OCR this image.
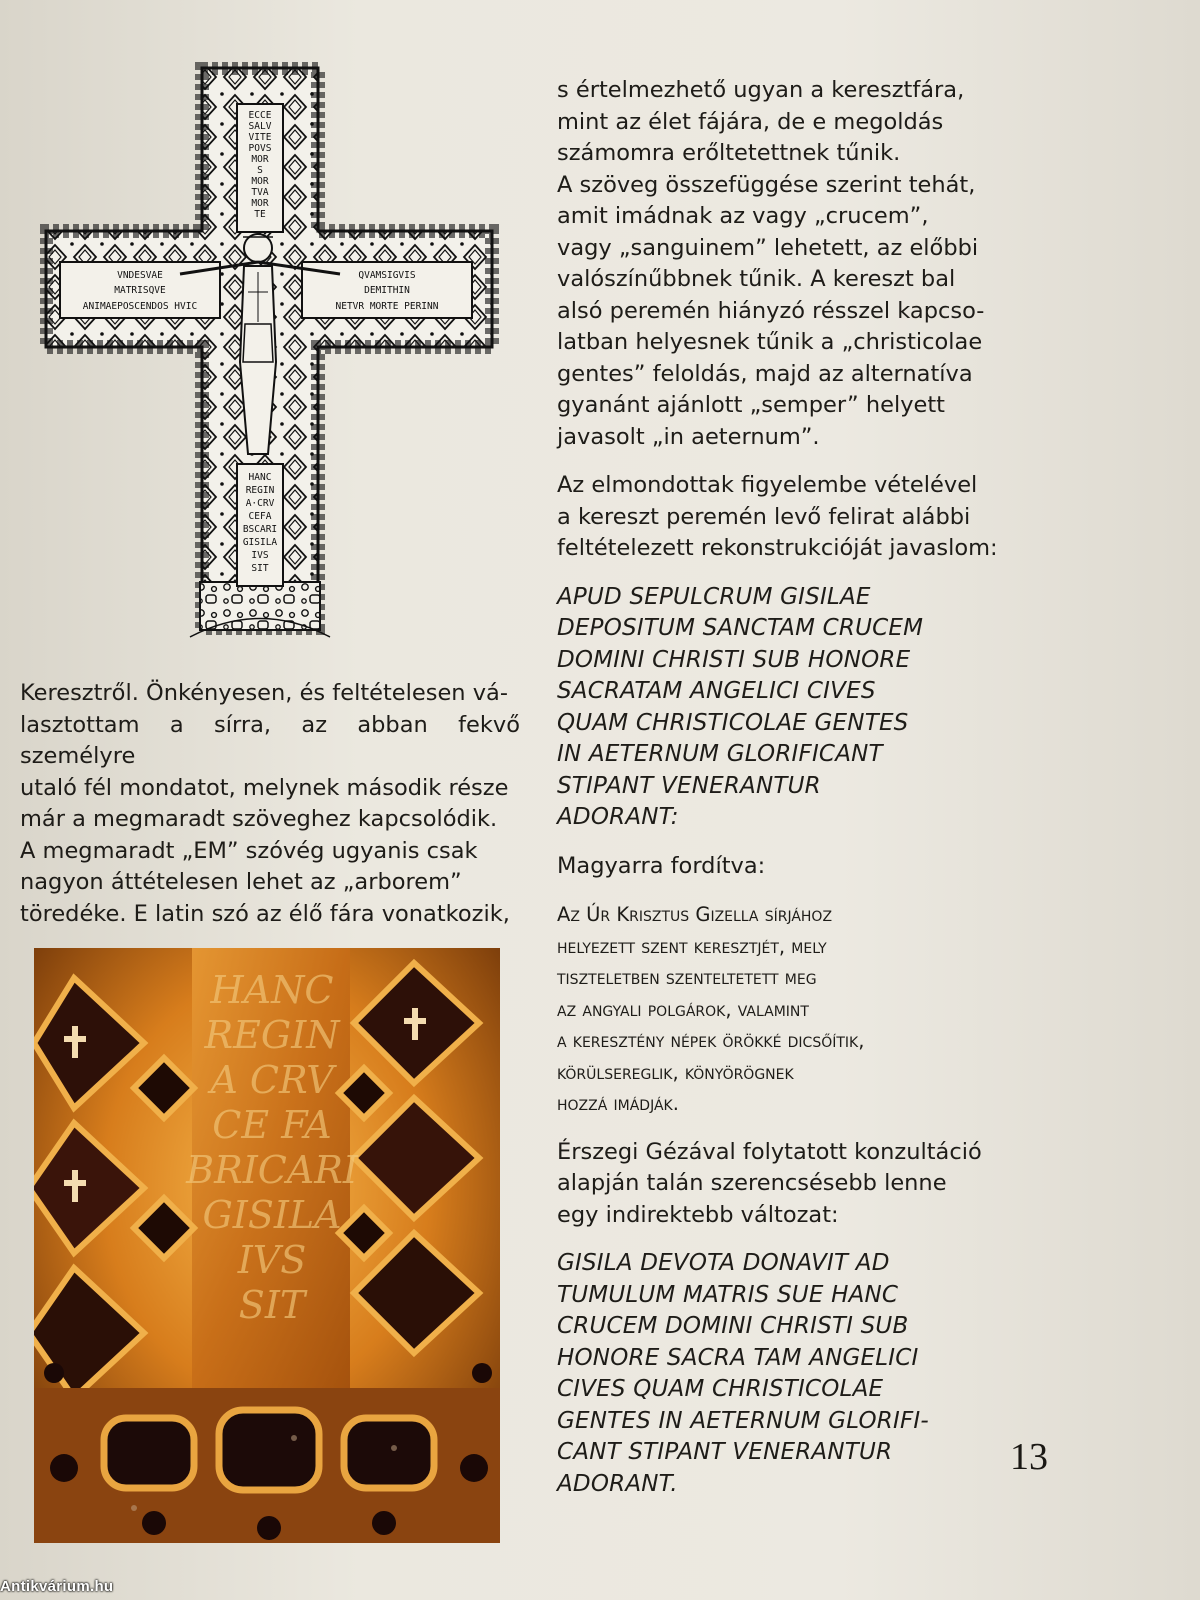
ECCE
SALV
VITE
POVS
MOR
S
MOR
TVA
MOR
TE
VNDESVAE
MATRISQVE
ANIMAEPOSCENDOS HVIC
QVAMSIGVIS
DEMITHIN
NETVR MORTE PERINN
HANC
REGIN
A·CRV
CEFA
BSCARI
GISILA
IVS
SIT
HANC
REGIN
A CRV
CE FA
BRICARI
GISILA
IVS
SIT

Keresztről. Önkényesen, és feltételesen vá-

lasztottam a sírra, az abban fekvő személyre

utaló fél mondatot, melynek második része

már a megmaradt szöveghez kapcsolódik.

A megmaradt „EM” szóvég ugyanis csak

nagyon áttételesen lehet az „arborem”

töredéke. E latin szó az élő fára vonatkozik,

s értelmezhető ugyan a keresztfára,
mint az élet fájára, de e megoldás
számomra erőltetettnek tűnik.
A szöveg összefüggése szerint tehát,
amit imádnak az vagy „crucem”,
vagy „sanguinem” lehetett, az előbbi
valószínűbbnek tűnik. A kereszt bal
alsó peremén hiányzó résszel kapcso-
latban helyesnek tűnik a „christicolae
gentes” feloldás, majd az alternatíva
gyanánt ajánlott „semper” helyett
javasolt „in aeternum”.

Az elmondottak figyelembe vételével
a kereszt peremén levő felirat alábbi
feltételezett rekonstrukcióját javaslom:

APUD SEPULCRUM GISILAE
DEPOSITUM SANCTAM CRUCEM
DOMINI CHRISTI SUB HONORE
SACRATAM ANGELICI CIVES
QUAM CHRISTICOLAE GENTES
IN AETERNUM GLORIFICANT
STIPANT VENERANTUR
ADORANT:

Magyarra fordítva:

Az Úr Krisztus Gizella sírjához
helyezett szent keresztjét, mely
tiszteletben szenteltetett meg
az angyali polgárok, valamint
a keresztény népek örökké dicsőítik,
körülsereglik, könyörögnek
hozzá imádják.

Érszegi Gézával folytatott konzultáció
alapján talán szerencsésebb lenne
egy indirektebb változat:

GISILA DEVOTA DONAVIT AD
TUMULUM MATRIS SUE HANC
CRUCEM DOMINI CHRISTI SUB
HONORE SACRA TAM ANGELICI
CIVES QUAM CHRISTICOLAE
GENTES IN AETERNUM GLORIFI-
CANT STIPANT VENERANTUR
ADORANT.

13
Antikvárium.hu
